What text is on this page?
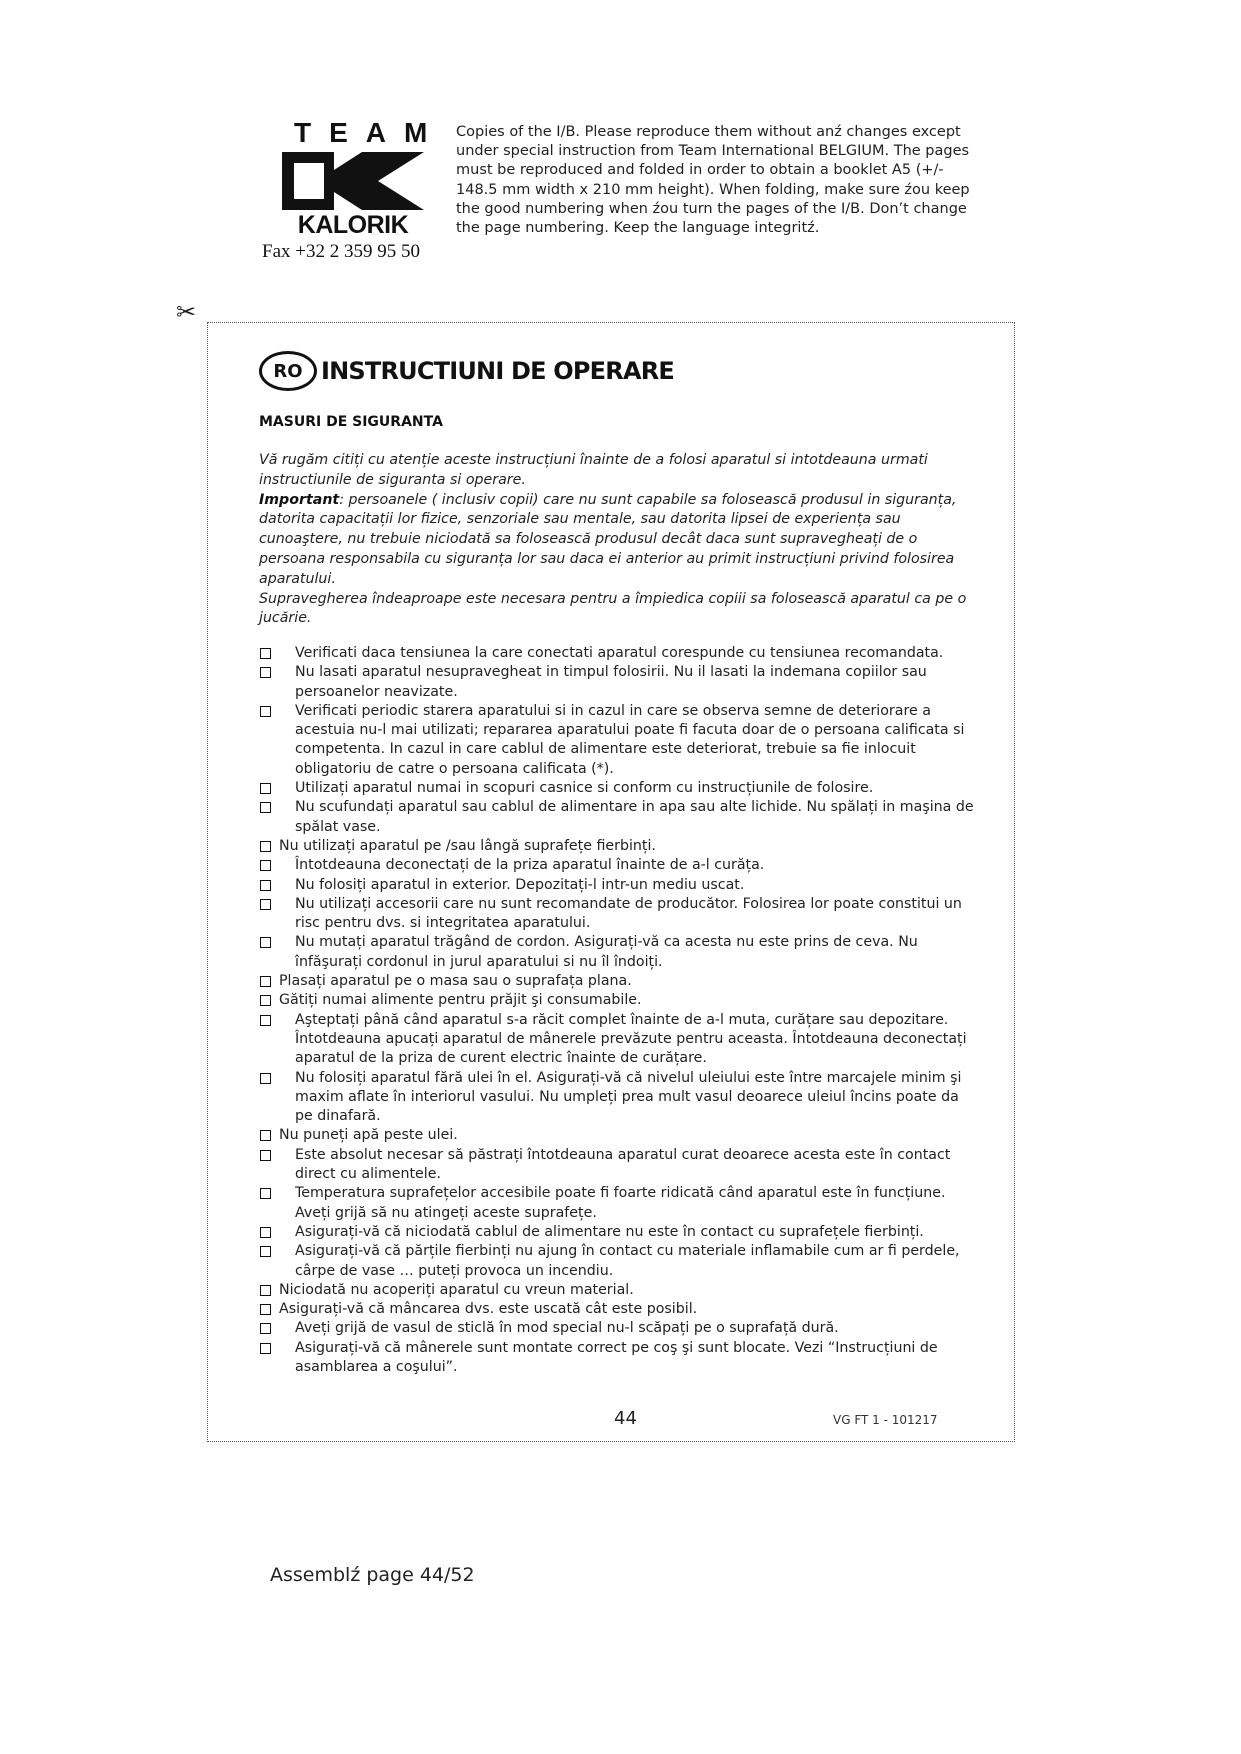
TEAM
KALORIK
Fax +32 2 359 95 50
Copies of the I/B. Please reproduce them without anź changes except under special instruction from Team International BELGIUM. The pages must be reproduced and folded in order to obtain a booklet A5 (+/- 148.5 mm width x 210 mm height). When folding, make sure źou keep the good numbering when źou turn the pages of the I/B. Don’t change the page numbering. Keep the language integritź.
✂
RO INSTRUCTIUNI DE OPERARE
MASURI DE SIGURANTA

Vă rugăm citiți cu atenție aceste instrucțiuni înainte de a folosi aparatul si intotdeauna urmati instructiunile de siguranta si operare.

Important: persoanele ( inclusiv copii) care nu sunt capabile sa foloseascӑ produsul in siguranța, datorita capacitații lor fizice, senzoriale sau mentale, sau datorita lipsei de experiența sau cunoaştere, nu trebuie niciodatӑ sa foloseascӑ produsul decât daca sunt supravegheați de o persoana responsabila cu siguranța lor sau daca ei anterior au primit instrucțiuni privind folosirea aparatului.

Supravegherea îndeaproape este necesara pentru a împiedica copiii sa foloseascӑ aparatul ca pe o jucӑrie.

Verificati daca tensiunea la care conectati aparatul corespunde cu tensiunea recomandata.
Nu lasati aparatul nesupravegheat in timpul folosirii. Nu il lasati la indemana copiilor sau persoanelor neavizate.
Verificati periodic starera aparatului si in cazul in care se observa semne de deteriorare a acestuia nu-l mai utilizati; repararea aparatului poate fi facuta doar de o persoana calificata si competenta. In cazul in care cablul de alimentare este deteriorat, trebuie sa fie inlocuit obligatoriu de catre o persoana calificata (*).
Utilizați aparatul numai in scopuri casnice si conform cu instrucțiunile de folosire.
Nu scufundați aparatul sau cablul de alimentare in apa sau alte lichide. Nu spӑlați in maşina de spӑlat vase.
Nu utilizați aparatul pe /sau lângӑ suprafețe fierbinți.
Întotdeauna deconectați de la priza aparatul înainte de a-l curӑța.
Nu folosiți aparatul in exterior. Depozitați-l intr-un mediu uscat.
Nu utilizați accesorii care nu sunt recomandate de producӑtor. Folosirea lor poate constitui un risc pentru dvs. si integritatea aparatului.
Nu mutați aparatul trӑgând de cordon. Asigurați-vӑ ca acesta nu este prins de ceva. Nu înfӑşurați cordonul in jurul aparatului si nu îl îndoiți.
Plasați aparatul pe o masa sau o suprafața plana.
Gӑtiți numai alimente pentru prӑjit şi consumabile.
Aşteptați până când aparatul s-a răcit complet înainte de a-l muta, curățare sau depozitare. Întotdeauna apucați aparatul de mânerele prevӑzute pentru aceasta. Întotdeauna deconectați aparatul de la priza de curent electric înainte de curățare.
Nu folosiți aparatul fără ulei în el. Asigurați-vă că nivelul uleiului este între marcajele minim şi maxim aflate în interiorul vasului. Nu umpleți prea mult vasul deoarece uleiul încins poate da pe dinafară.
Nu puneți apă peste ulei.
Este absolut necesar să păstrați întotdeauna aparatul curat deoarece acesta este în contact direct cu alimentele.
Temperatura suprafețelor accesibile poate fi foarte ridicată când aparatul este în funcțiune. Aveți grijă să nu atingeți aceste suprafețe.
Asigurați-vă că niciodată cablul de alimentare nu este în contact cu suprafețele fierbinți.
Asigurați-vă că părțile fierbinți nu ajung în contact cu materiale inflamabile cum ar fi perdele, cârpe de vase … puteți provoca un incendiu.
Niciodată nu acoperiți aparatul cu vreun material.
Asigurați-vă că mâncarea dvs. este uscată cât este posibil.
Aveți grijă de vasul de sticlă în mod special nu-l scăpați pe o suprafață dură.
Asigurați-vă că mânerele sunt montate correct pe coş şi sunt blocate. Vezi “Instrucțiuni de asamblarea a coşului”.
44	VG FT 1 - 101217
Assemblź page 44/52
